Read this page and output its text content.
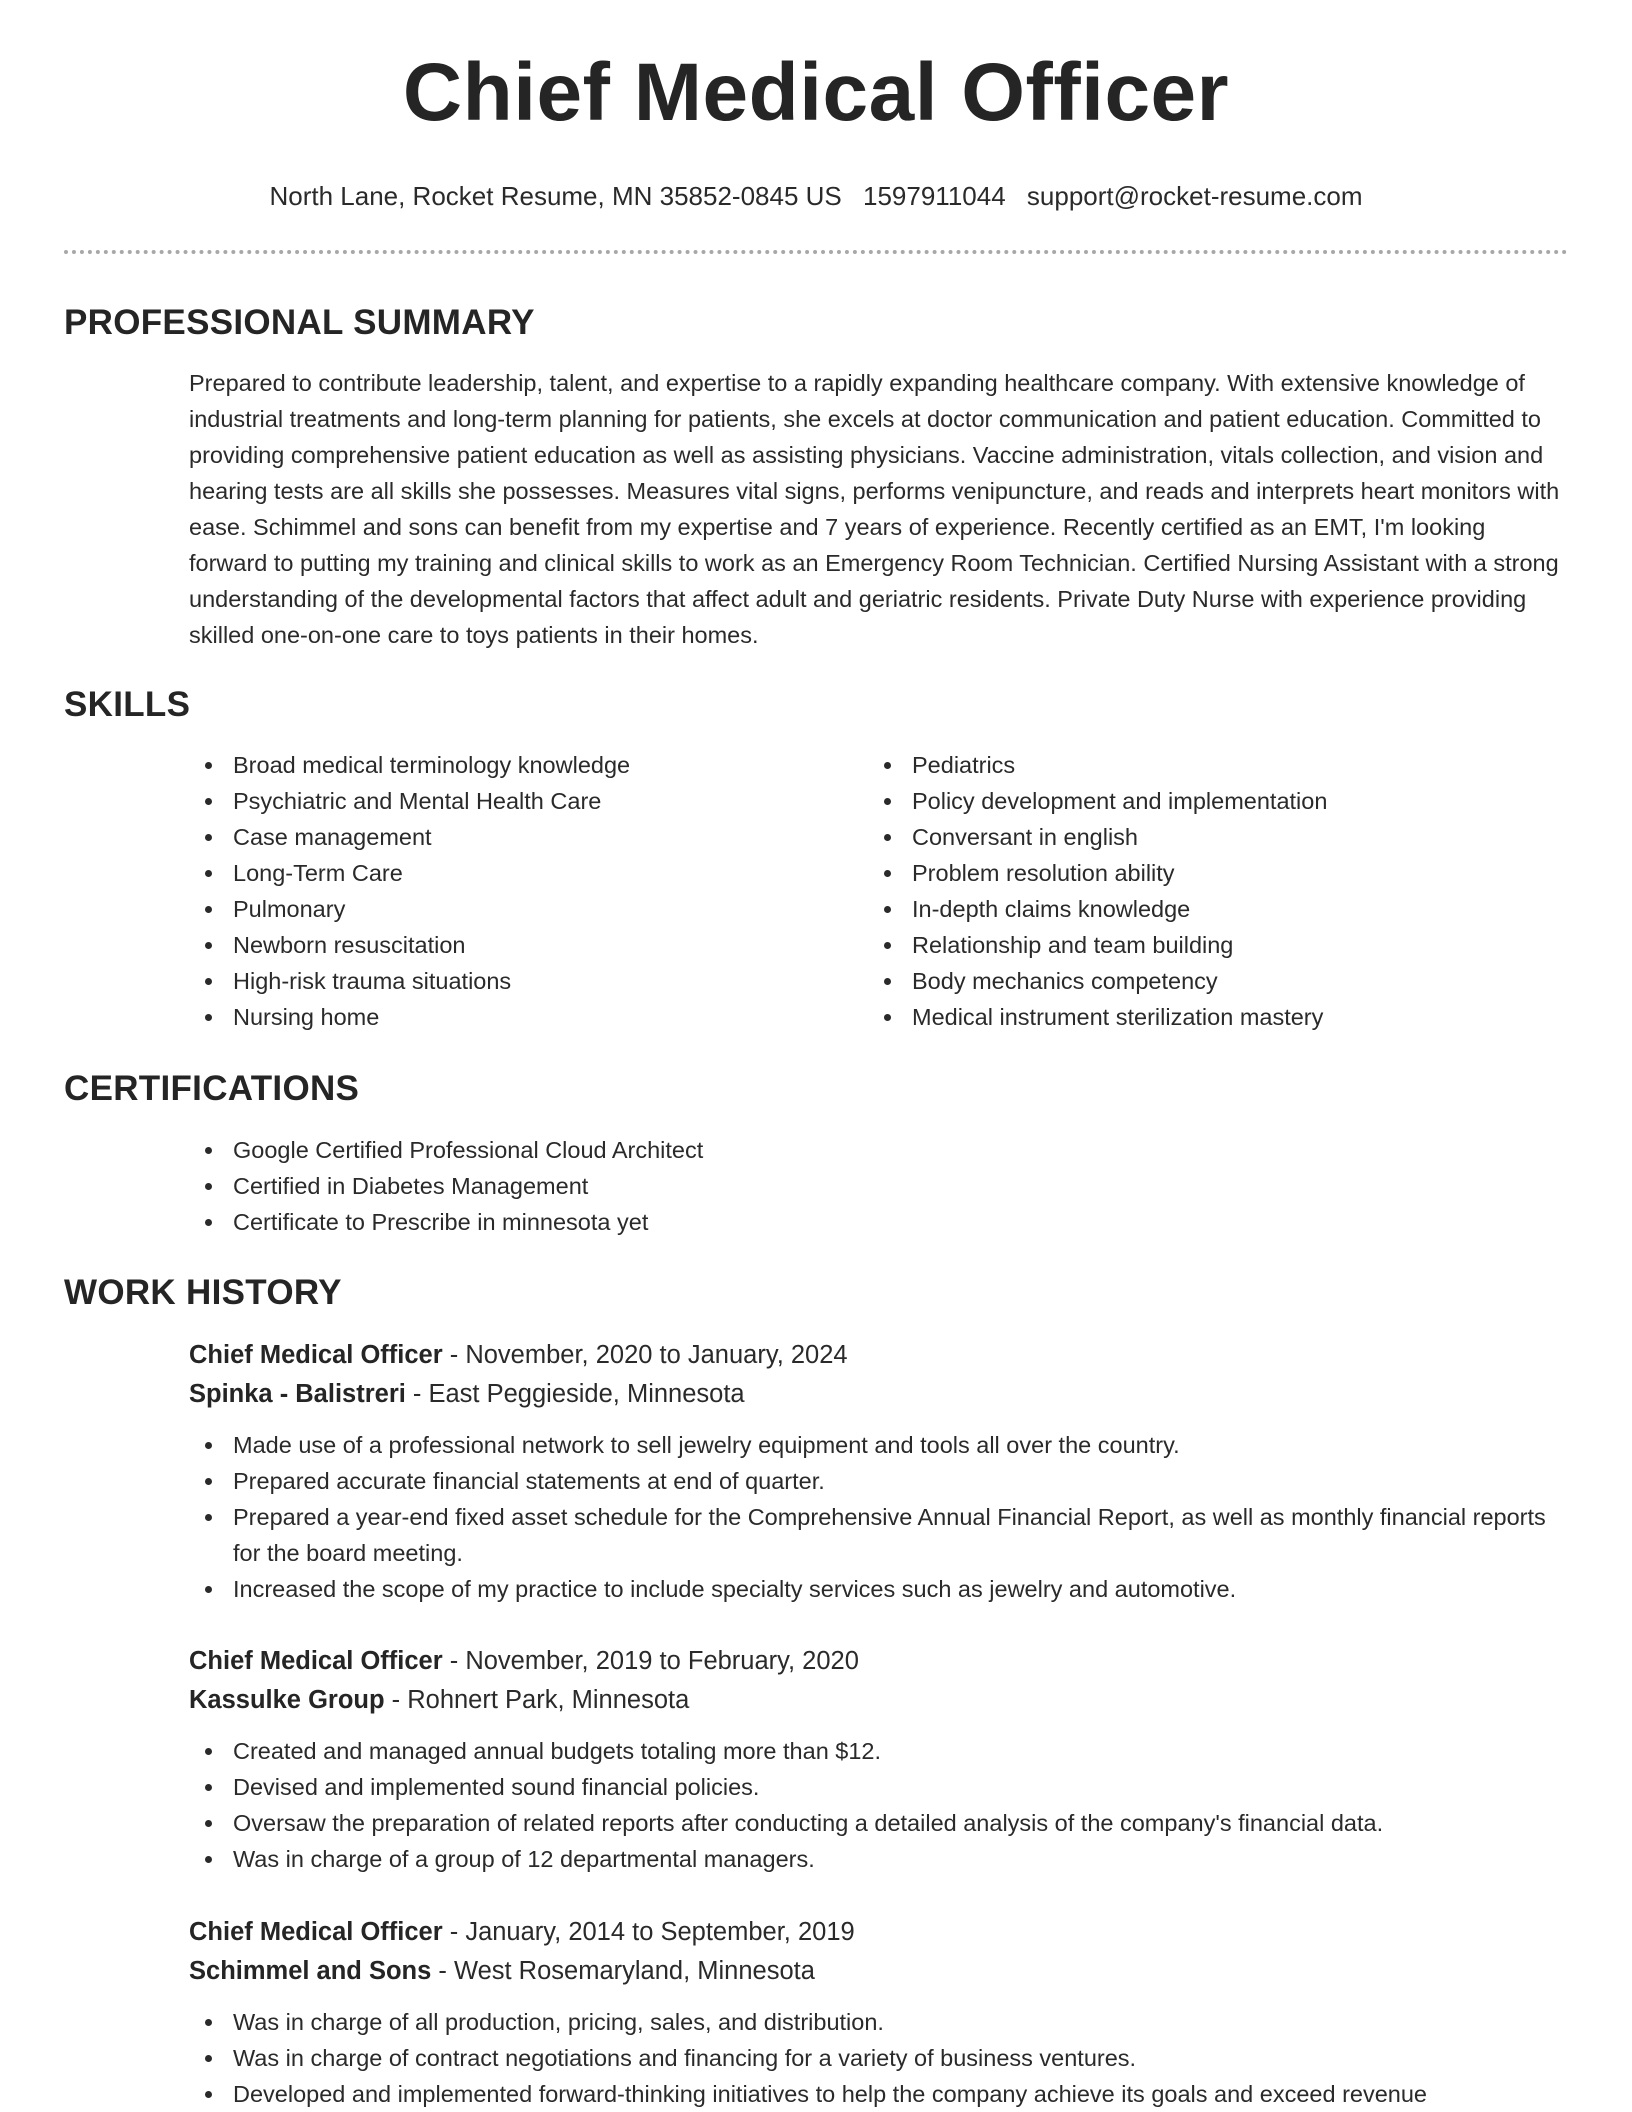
Chief Medical Officer
North Lane, Rocket Resume, MN 35852-0845 US 1597911044 support@rocket-resume.com
PROFESSIONAL SUMMARY

Prepared to contribute leadership, talent, and expertise to a rapidly expanding healthcare company. With extensive knowledge of industrial treatments and long-term planning for patients, she excels at doctor communication and patient education. Committed to providing comprehensive patient education as well as assisting physicians. Vaccine administration, vitals collection, and vision and hearing tests are all skills she possesses. Measures vital signs, performs venipuncture, and reads and interprets heart monitors with ease. Schimmel and sons can benefit from my expertise and 7 years of experience. Recently certified as an EMT, I'm looking forward to putting my training and clinical skills to work as an Emergency Room Technician. Certified Nursing Assistant with a strong understanding of the developmental factors that affect adult and geriatric residents. Private Duty Nurse with experience providing skilled one-on-one care to toys patients in their homes.

SKILLS
Broad medical terminology knowledge
Psychiatric and Mental Health Care
Case management
Long-Term Care
Pulmonary
Newborn resuscitation
High-risk trauma situations
Nursing home
Pediatrics
Policy development and implementation
Conversant in english
Problem resolution ability
In-depth claims knowledge
Relationship and team building
Body mechanics competency
Medical instrument sterilization mastery
CERTIFICATIONS
Google Certified Professional Cloud Architect
Certified in Diabetes Management
Certificate to Prescribe in minnesota yet
WORK HISTORY
Chief Medical Officer - November, 2020 to January, 2024
Spinka - Balistreri - East Peggieside, Minnesota
Made use of a professional network to sell jewelry equipment and tools all over the country.
Prepared accurate financial statements at end of quarter.
Prepared a year-end fixed asset schedule for the Comprehensive Annual Financial Report, as well as monthly financial reports for the board meeting.
Increased the scope of my practice to include specialty services such as jewelry and automotive.
Chief Medical Officer - November, 2019 to February, 2020
Kassulke Group - Rohnert Park, Minnesota
Created and managed annual budgets totaling more than $12.
Devised and implemented sound financial policies.
Oversaw the preparation of related reports after conducting a detailed analysis of the company's financial data.
Was in charge of a group of 12 departmental managers.
Chief Medical Officer - January, 2014 to September, 2019
Schimmel and Sons - West Rosemaryland, Minnesota
Was in charge of all production, pricing, sales, and distribution.
Was in charge of contract negotiations and financing for a variety of business ventures.
Developed and implemented forward-thinking initiatives to help the company achieve its goals and exceed revenue
